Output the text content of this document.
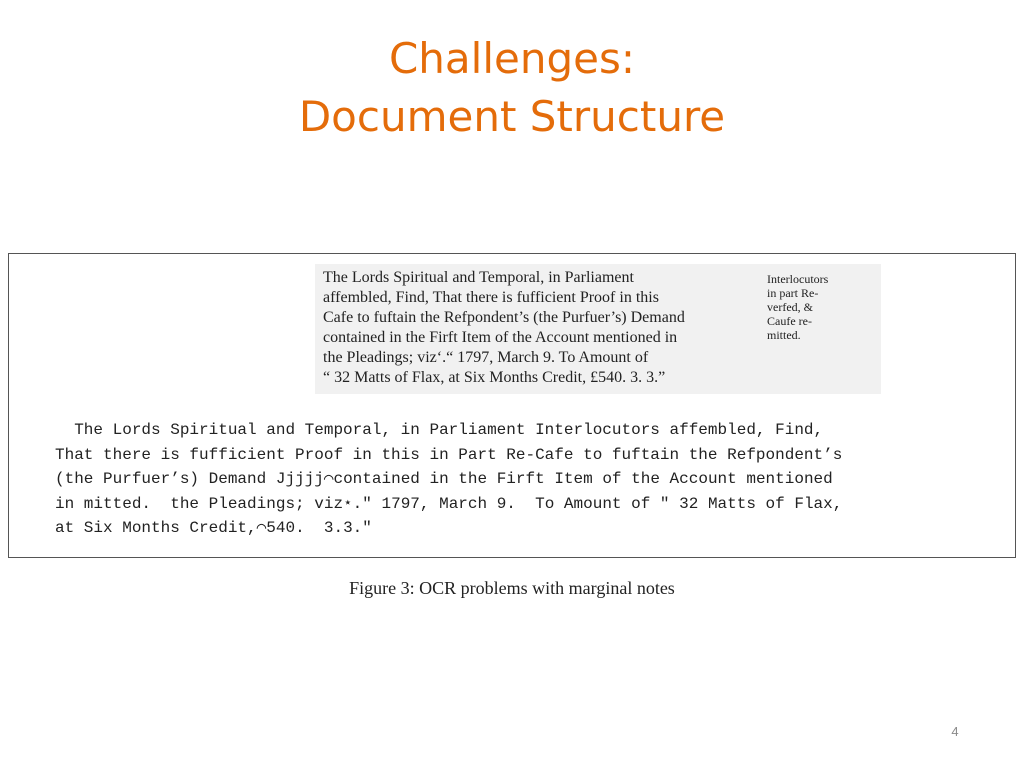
Challenges:
Document Structure
The Lords Spiritual and Temporal, in Parliament
affembled, Find, That there is fufficient Proof in this
Cafe to fuftain the Refpondent’s (the Purfuer’s) Demand
contained in the Firft Item of the Account mentioned in
the Pleadings; viz‘.“ 1797, March 9. To Amount of
“ 32 Matts of Flax, at Six Months Credit, £540. 3. 3.”
Interlocutors
in part Re-
verfed, &
Caufe re-
mitted.
The Lords Spiritual and Temporal, in Parliament Interlocutors affembled, Find,
That there is fufficient Proof in this in Part Re-Cafe to fuftain the Refpondent’s
(the Purfuer’s) Demand Jjjjj⌒contained in the Firft Item of the Account mentioned
in mitted.  the Pleadings; viz⋆." 1797, March 9.  To Amount of " 32 Matts of Flax,
at Six Months Credit,⌒540.  3.3."
Figure 3: OCR problems with marginal notes
4
